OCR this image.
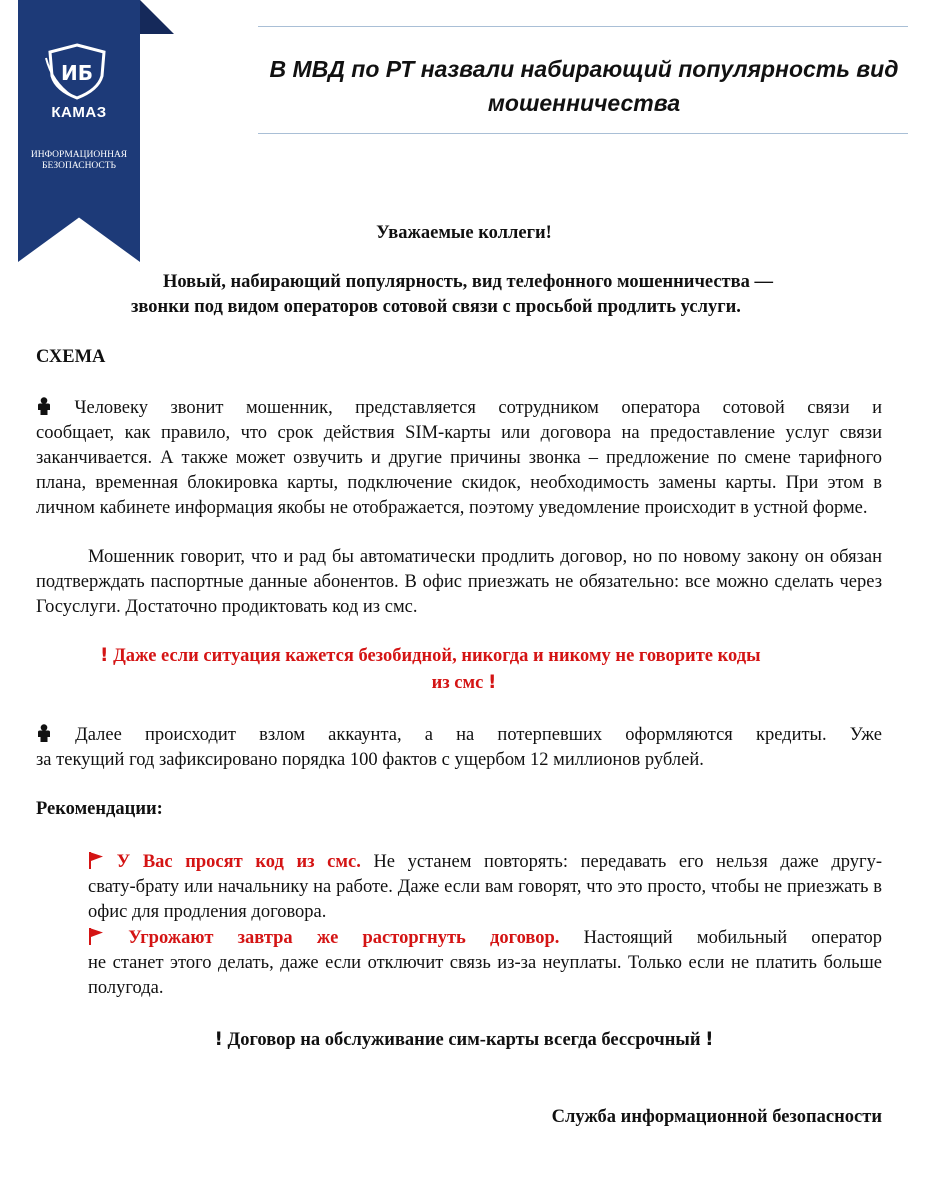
ИБ
КАМАЗ
ИНФОРМАЦИОННАЯ
БЕЗОПАСНОСТЬ
В МВД по РТ назвали набирающий популярность вид
мошенничества
Уважаемые коллеги!
Новый, набирающий популярность, вид телефонного мошенничества —
звонки под видом операторов сотовой связи с просьбой продлить услуги.
СХЕМА
Человеку звонит мошенник, представляется сотрудником оператора сотовой связи и
сообщает, как правило, что срок действия SIM-карты или договора на предоставление услуг связи заканчивается. А также может озвучить и другие причины звонка – предложение по смене тарифного плана, временная блокировка карты, подключение скидок, необходимость замены карты. При этом в личном кабинете информация якобы не отображается, поэтому уведомление происходит в устной форме.
Мошенник говорит, что и рад бы автоматически продлить договор, но по новому закону он обязан подтверждать паспортные данные абонентов. В офис приезжать не обязательно: все можно сделать через Госуслуги. Достаточно продиктовать код из смс.
! Даже если ситуация кажется безобидной, никогда и никому не говорите коды
из смс !
Далее происходит взлом аккаунта, а на потерпевших оформляются кредиты. Уже
за текущий год зафиксировано порядка 100 фактов с ущербом 12 миллионов рублей.
Рекомендации:
У Вас просят код из смс. Не устанем повторять: передавать его нельзя даже другу-
свату-брату или начальнику на работе. Даже если вам говорят, что это просто, чтобы не приезжать в офис для продления договора.
Угрожают завтра же расторгнуть договор. Настоящий мобильный оператор
не станет этого делать, даже если отключит связь из-за неуплаты. Только если не платить больше полугода.
! Договор на обслуживание сим-карты всегда бессрочный !
Служба информационной безопасности
